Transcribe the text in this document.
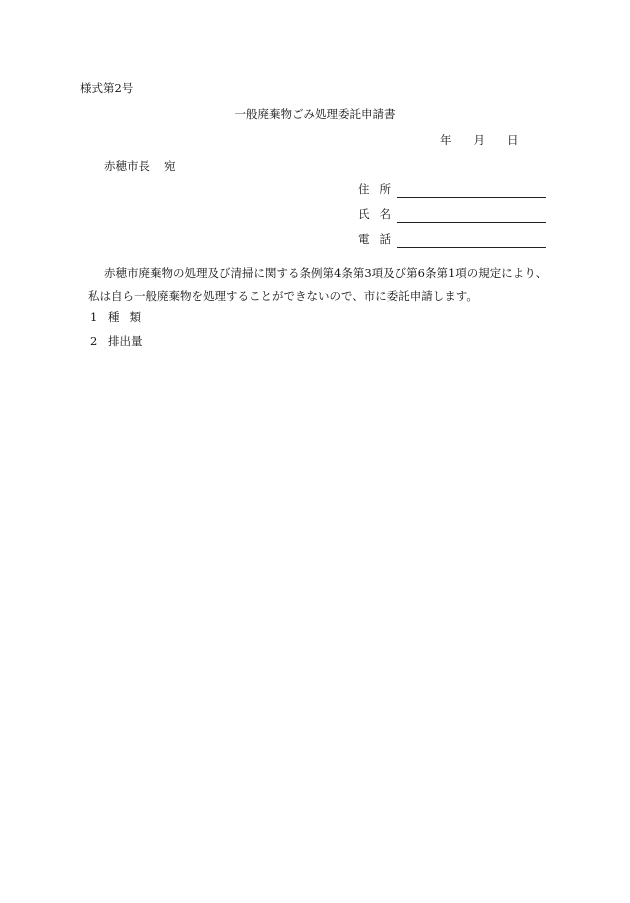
様式第2号
一般廃棄物ごみ処理委託申請書
年 月 日
赤穂市長 宛
住 所
氏 名
電 話
赤穂市廃棄物の処理及び清掃に関する条例第4条第3項及び第6条第1項の規定により、
私は自ら一般廃棄物を処理することができないので、市に委託申請します。
1 種 類
2 排出量
